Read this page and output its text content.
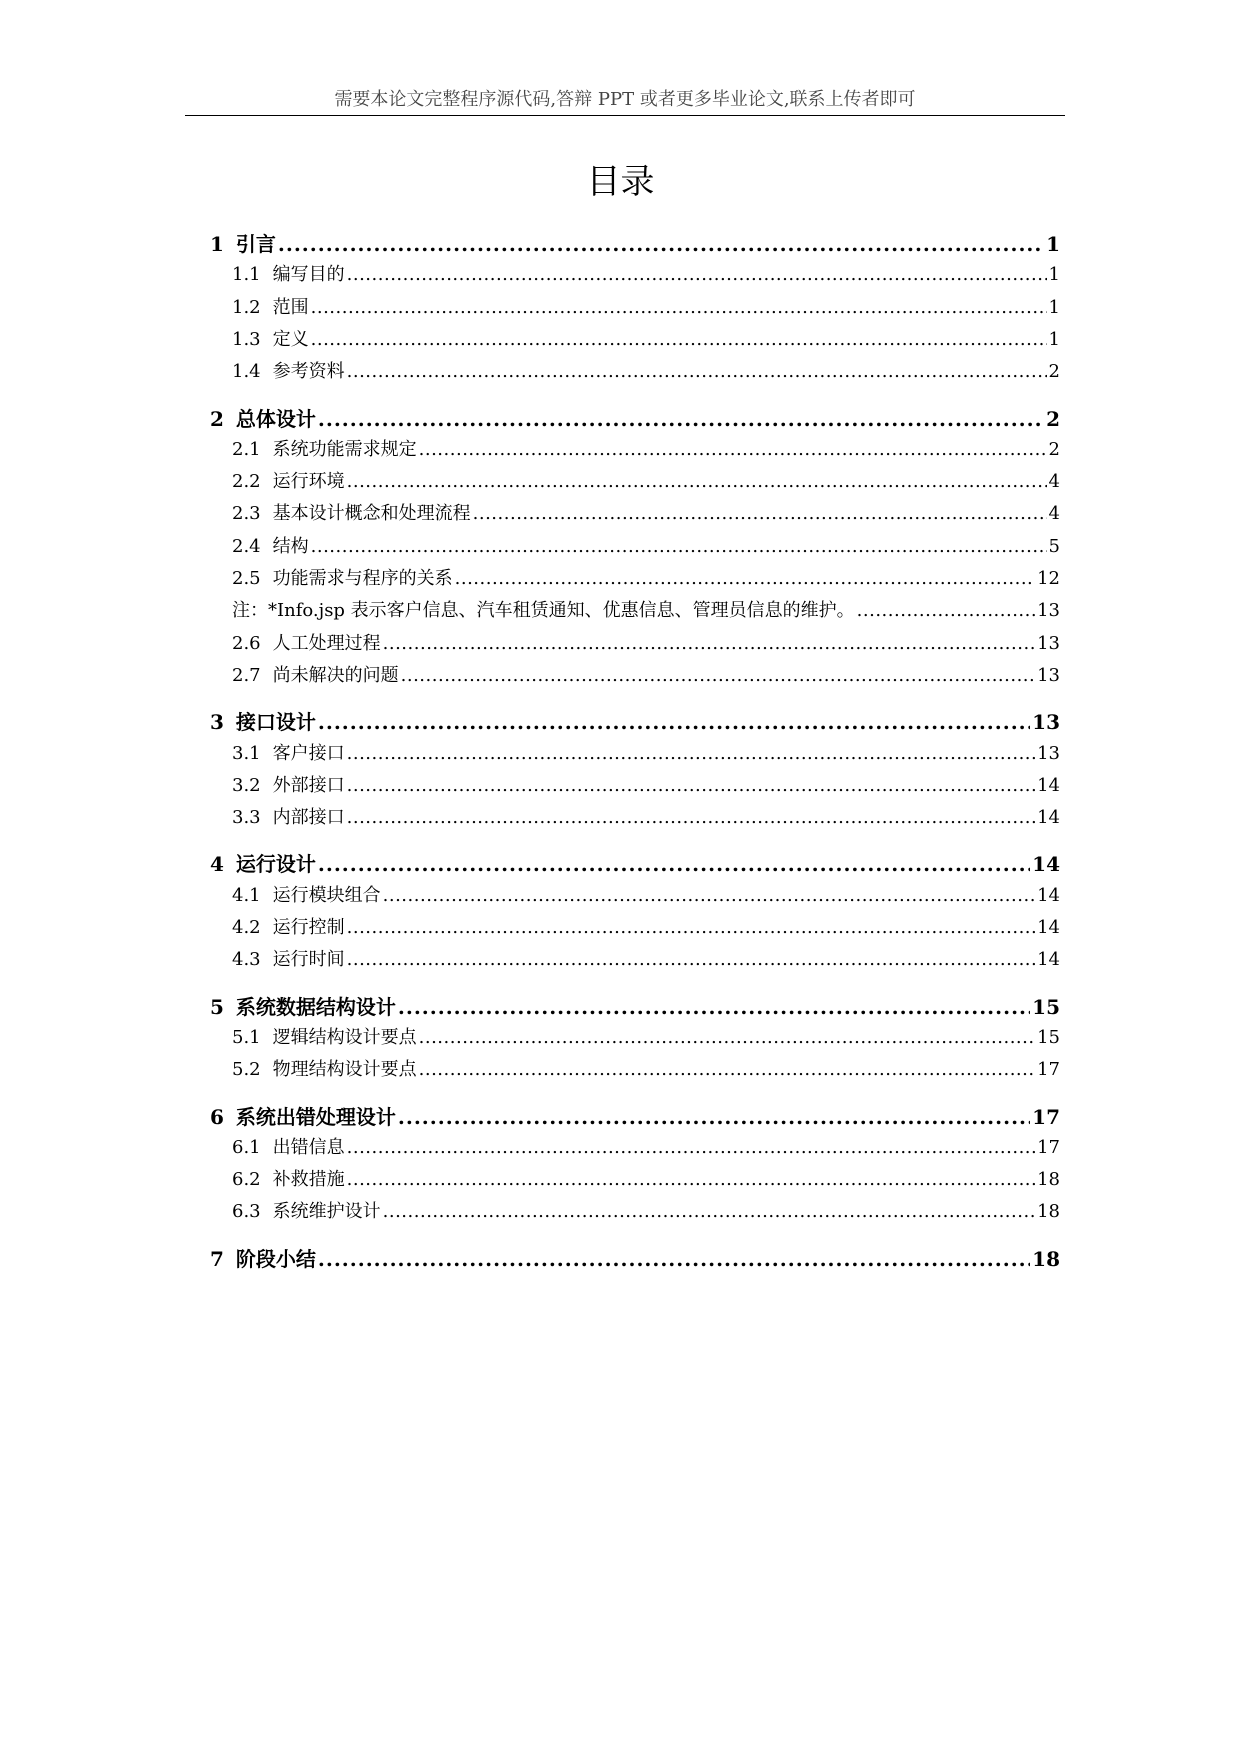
需要本论文完整程序源代码,答辩 PPT 或者更多毕业论文,联系上传者即可
目录
1 引言 .....	1
1.1 编写目的 .....	1
1.2 范围 .....	1
1.3 定义 .....	1
1.4 参考资料 .....	2
2 总体设计 .....	2
2.1 系统功能需求规定 .....	2
2.2 运行环境 .....	4
2.3 基本设计概念和处理流程 .....	4
2.4 结构 .....	5
2.5 功能需求与程序的关系 .....	12
注：*Info.jsp 表示客户信息、汽车租赁通知、优惠信息、管理员信息的维护。 .....	13
2.6 人工处理过程 .....	13
2.7 尚未解决的问题 .....	13
3 接口设计 .....	13
3.1 客户接口 .....	13
3.2 外部接口 .....	14
3.3 内部接口 .....	14
4 运行设计 .....	14
4.1 运行模块组合 .....	14
4.2 运行控制 .....	14
4.3 运行时间 .....	14
5 系统数据结构设计 .....	15
5.1 逻辑结构设计要点 .....	15
5.2 物理结构设计要点 .....	17
6 系统出错处理设计 .....	17
6.1 出错信息 .....	17
6.2 补救措施 .....	18
6.3 系统维护设计 .....	18
7 阶段小结 .....	18
